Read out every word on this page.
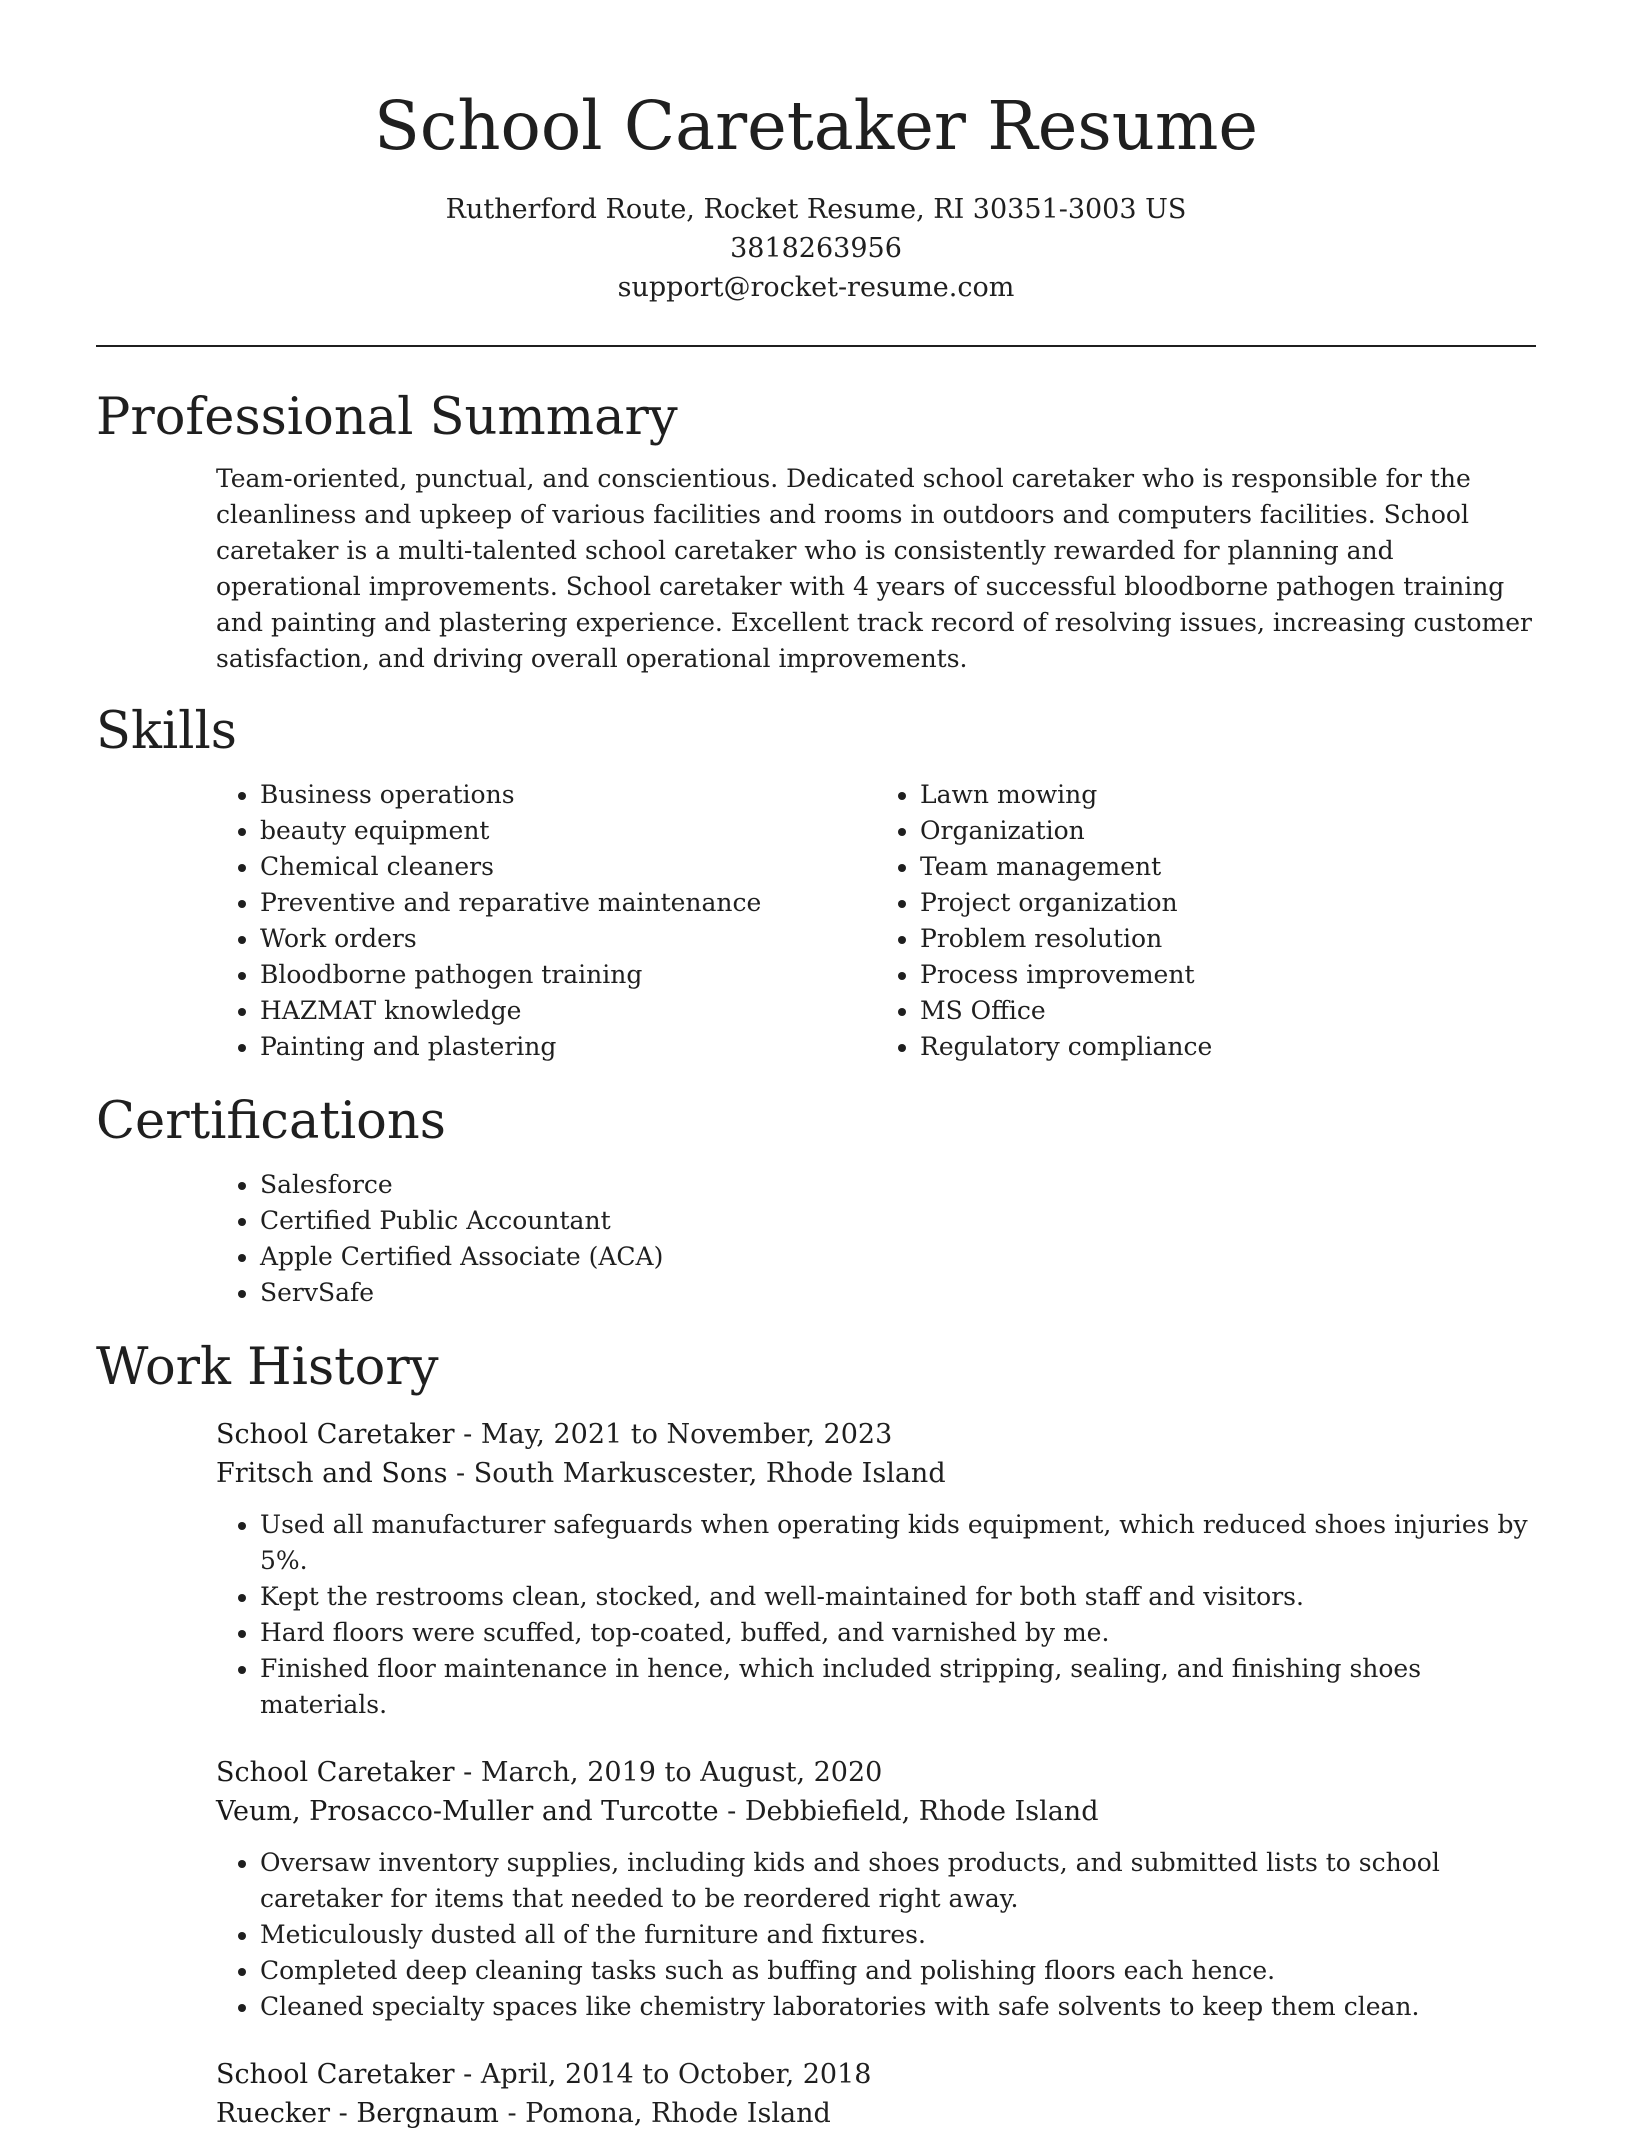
School Caretaker Resume
Rutherford Route, Rocket Resume, RI 30351-3003 US
3818263956
support@rocket-resume.com
Professional Summary

Team-oriented, punctual, and conscientious. Dedicated school caretaker who is responsible for the cleanliness and upkeep of various facilities and rooms in outdoors and computers facilities. School caretaker is a multi-talented school caretaker who is consistently rewarded for planning and operational improvements. School caretaker with 4 years of successful bloodborne pathogen training and painting and plastering experience. Excellent track record of resolving issues, increasing customer satisfaction, and driving overall operational improvements.

Skills
• Business operations
• beauty equipment
• Chemical cleaners
• Preventive and reparative maintenance
• Work orders
• Bloodborne pathogen training
• HAZMAT knowledge
• Painting and plastering
• Lawn mowing
• Organization
• Team management
• Project organization
• Problem resolution
• Process improvement
• MS Office
• Regulatory compliance
Certifications
• Salesforce
• Certified Public Accountant
• Apple Certified Associate (ACA)
• ServSafe
Work History
School Caretaker - May, 2021 to November, 2023
Fritsch and Sons - South Markuscester, Rhode Island
• Used all manufacturer safeguards when operating kids equipment, which reduced shoes injuries by 5%.
• Kept the restrooms clean, stocked, and well-maintained for both staff and visitors.
• Hard floors were scuffed, top-coated, buffed, and varnished by me.
• Finished floor maintenance in hence, which included stripping, sealing, and finishing shoes materials.
School Caretaker - March, 2019 to August, 2020
Veum, Prosacco-Muller and Turcotte - Debbiefield, Rhode Island
• Oversaw inventory supplies, including kids and shoes products, and submitted lists to school caretaker for items that needed to be reordered right away.
• Meticulously dusted all of the furniture and fixtures.
• Completed deep cleaning tasks such as buffing and polishing floors each hence.
• Cleaned specialty spaces like chemistry laboratories with safe solvents to keep them clean.
School Caretaker - April, 2014 to October, 2018
Ruecker - Bergnaum - Pomona, Rhode Island
